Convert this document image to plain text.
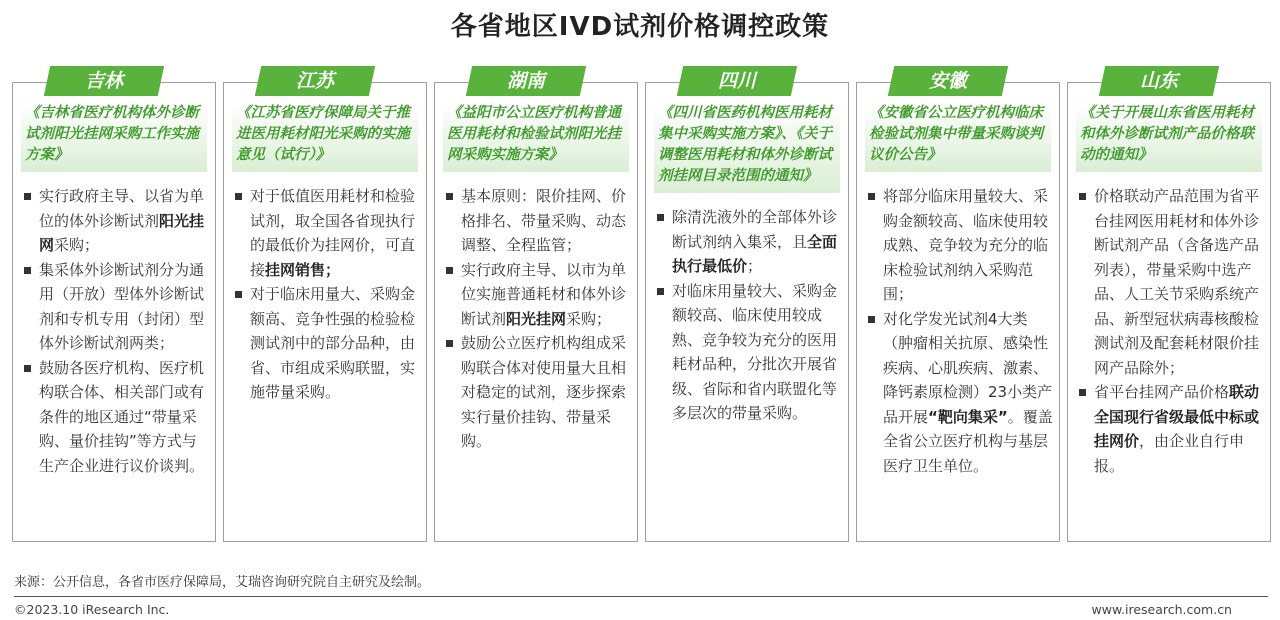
各省地区IVD试剂价格调控政策
《吉林省医疗机构体外诊断试剂阳光挂网采购工作实施方案》
实行政府主导、以省为单位的体外诊断试剂阳光挂网采购；
集采体外诊断试剂分为通用（开放）型体外诊断试剂和专机专用（封闭）型体外诊断试剂两类；
鼓励各医疗机构、医疗机构联合体、相关部门或有条件的地区通过“带量采购、量价挂钩”等方式与生产企业进行议价谈判。
吉林
《江苏省医疗保障局关于推进医用耗材阳光采购的实施意见（试行）》
对于低值医用耗材和检验试剂，取全国各省现执行的最低价为挂网价，可直接挂网销售；
对于临床用量大、采购金额高、竞争性强的检验检测试剂中的部分品种，由省、市组成采购联盟，实施带量采购。
江苏
《益阳市公立医疗机构普通医用耗材和检验试剂阳光挂网采购实施方案》
基本原则：限价挂网、价格排名、带量采购、动态调整、全程监管；
实行政府主导、以市为单位实施普通耗材和体外诊断试剂阳光挂网采购；
鼓励公立医疗机构组成采购联合体对使用量大且相对稳定的试剂，逐步探索实行量价挂钩、带量采购。
湖南
《四川省医药机构医用耗材集中采购实施方案》、《关于调整医用耗材和体外诊断试剂挂网目录范围的通知》
除清洗液外的全部体外诊断试剂纳入集采，且全面执行最低价；
对临床用量较大、采购金额较高、临床使用较成熟、竞争较为充分的医用耗材品种，分批次开展省级、省际和省内联盟化等多层次的带量采购。
四川
《安徽省公立医疗机构临床检验试剂集中带量采购谈判议价公告》
将部分临床用量较大、采购金额较高、临床使用较成熟、竞争较为充分的临床检验试剂纳入采购范围；
对化学发光试剂4大类（肿瘤相关抗原、感染性疾病、心肌疾病、激素、降钙素原检测）23小类产品开展“靶向集采”。覆盖全省公立医疗机构与基层医疗卫生单位。
安徽
《关于开展山东省医用耗材和体外诊断试剂产品价格联动的通知》
价格联动产品范围为省平台挂网医用耗材和体外诊断试剂产品（含备选产品列表），带量采购中选产品、人工关节采购系统产品、新型冠状病毒核酸检测试剂及配套耗材限价挂网产品除外；
省平台挂网产品价格联动全国现行省级最低中标或挂网价，由企业自行申报。
山东
来源：公开信息，各省市医疗保障局，艾瑞咨询研究院自主研究及绘制。
©2023.10 iResearch Inc.	www.iresearch.com.cn
